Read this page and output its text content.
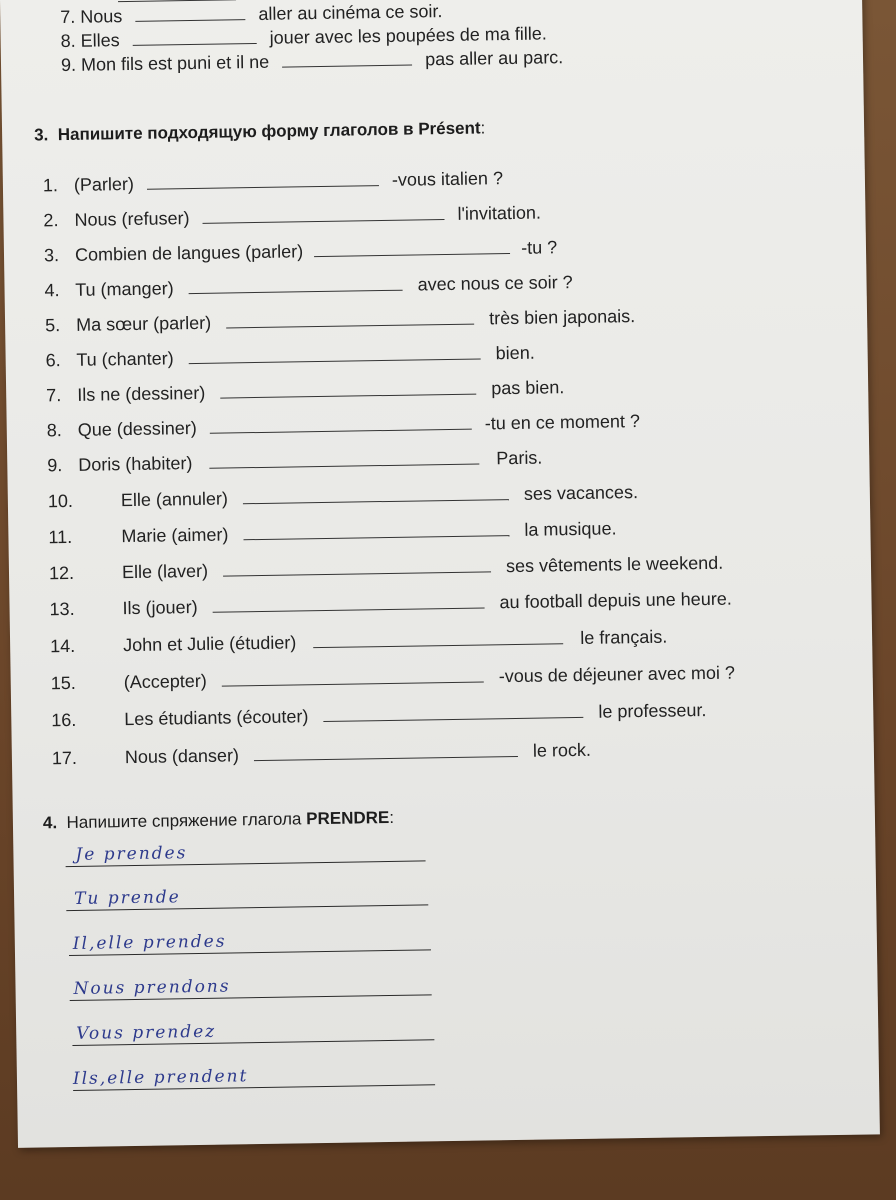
7. Nous	aller au cinéma ce soir.
8. Elles	jouer avec les poupées de ma fille.
9. Mon fils est puni et il ne	pas aller au parc.
3. Напишите подходящую форму глаголов в Présent:
1. (Parler)	-vous italien ?
2. Nous (refuser)	l'invitation.
3. Combien de langues (parler)	-tu ?
4. Tu (manger)	avec nous ce soir ?
5. Ma sœur (parler)	très bien japonais.
6. Tu (chanter)	bien.
7. Ils ne (dessiner)	pas bien.
8. Que (dessiner)	-tu en ce moment ?
9. Doris (habiter)	Paris.
10.	Elle (annuler)	ses vacances.
11.	Marie (aimer)	la musique.
12.	Elle (laver)	ses vêtements le weekend.
13.	Ils (jouer)	au football depuis une heure.
14.	John et Julie (étudier)	le français.
15.	(Accepter)	-vous de déjeuner avec moi ?
16.	Les étudiants (écouter)	le professeur.
17.	Nous (danser)	le rock.
4. Напишите спряжение глагола PRENDRE:
Je prendes
Tu prende
Il,elle prendes
Nous prendons
Vous prendez
Ils,elle prendent
